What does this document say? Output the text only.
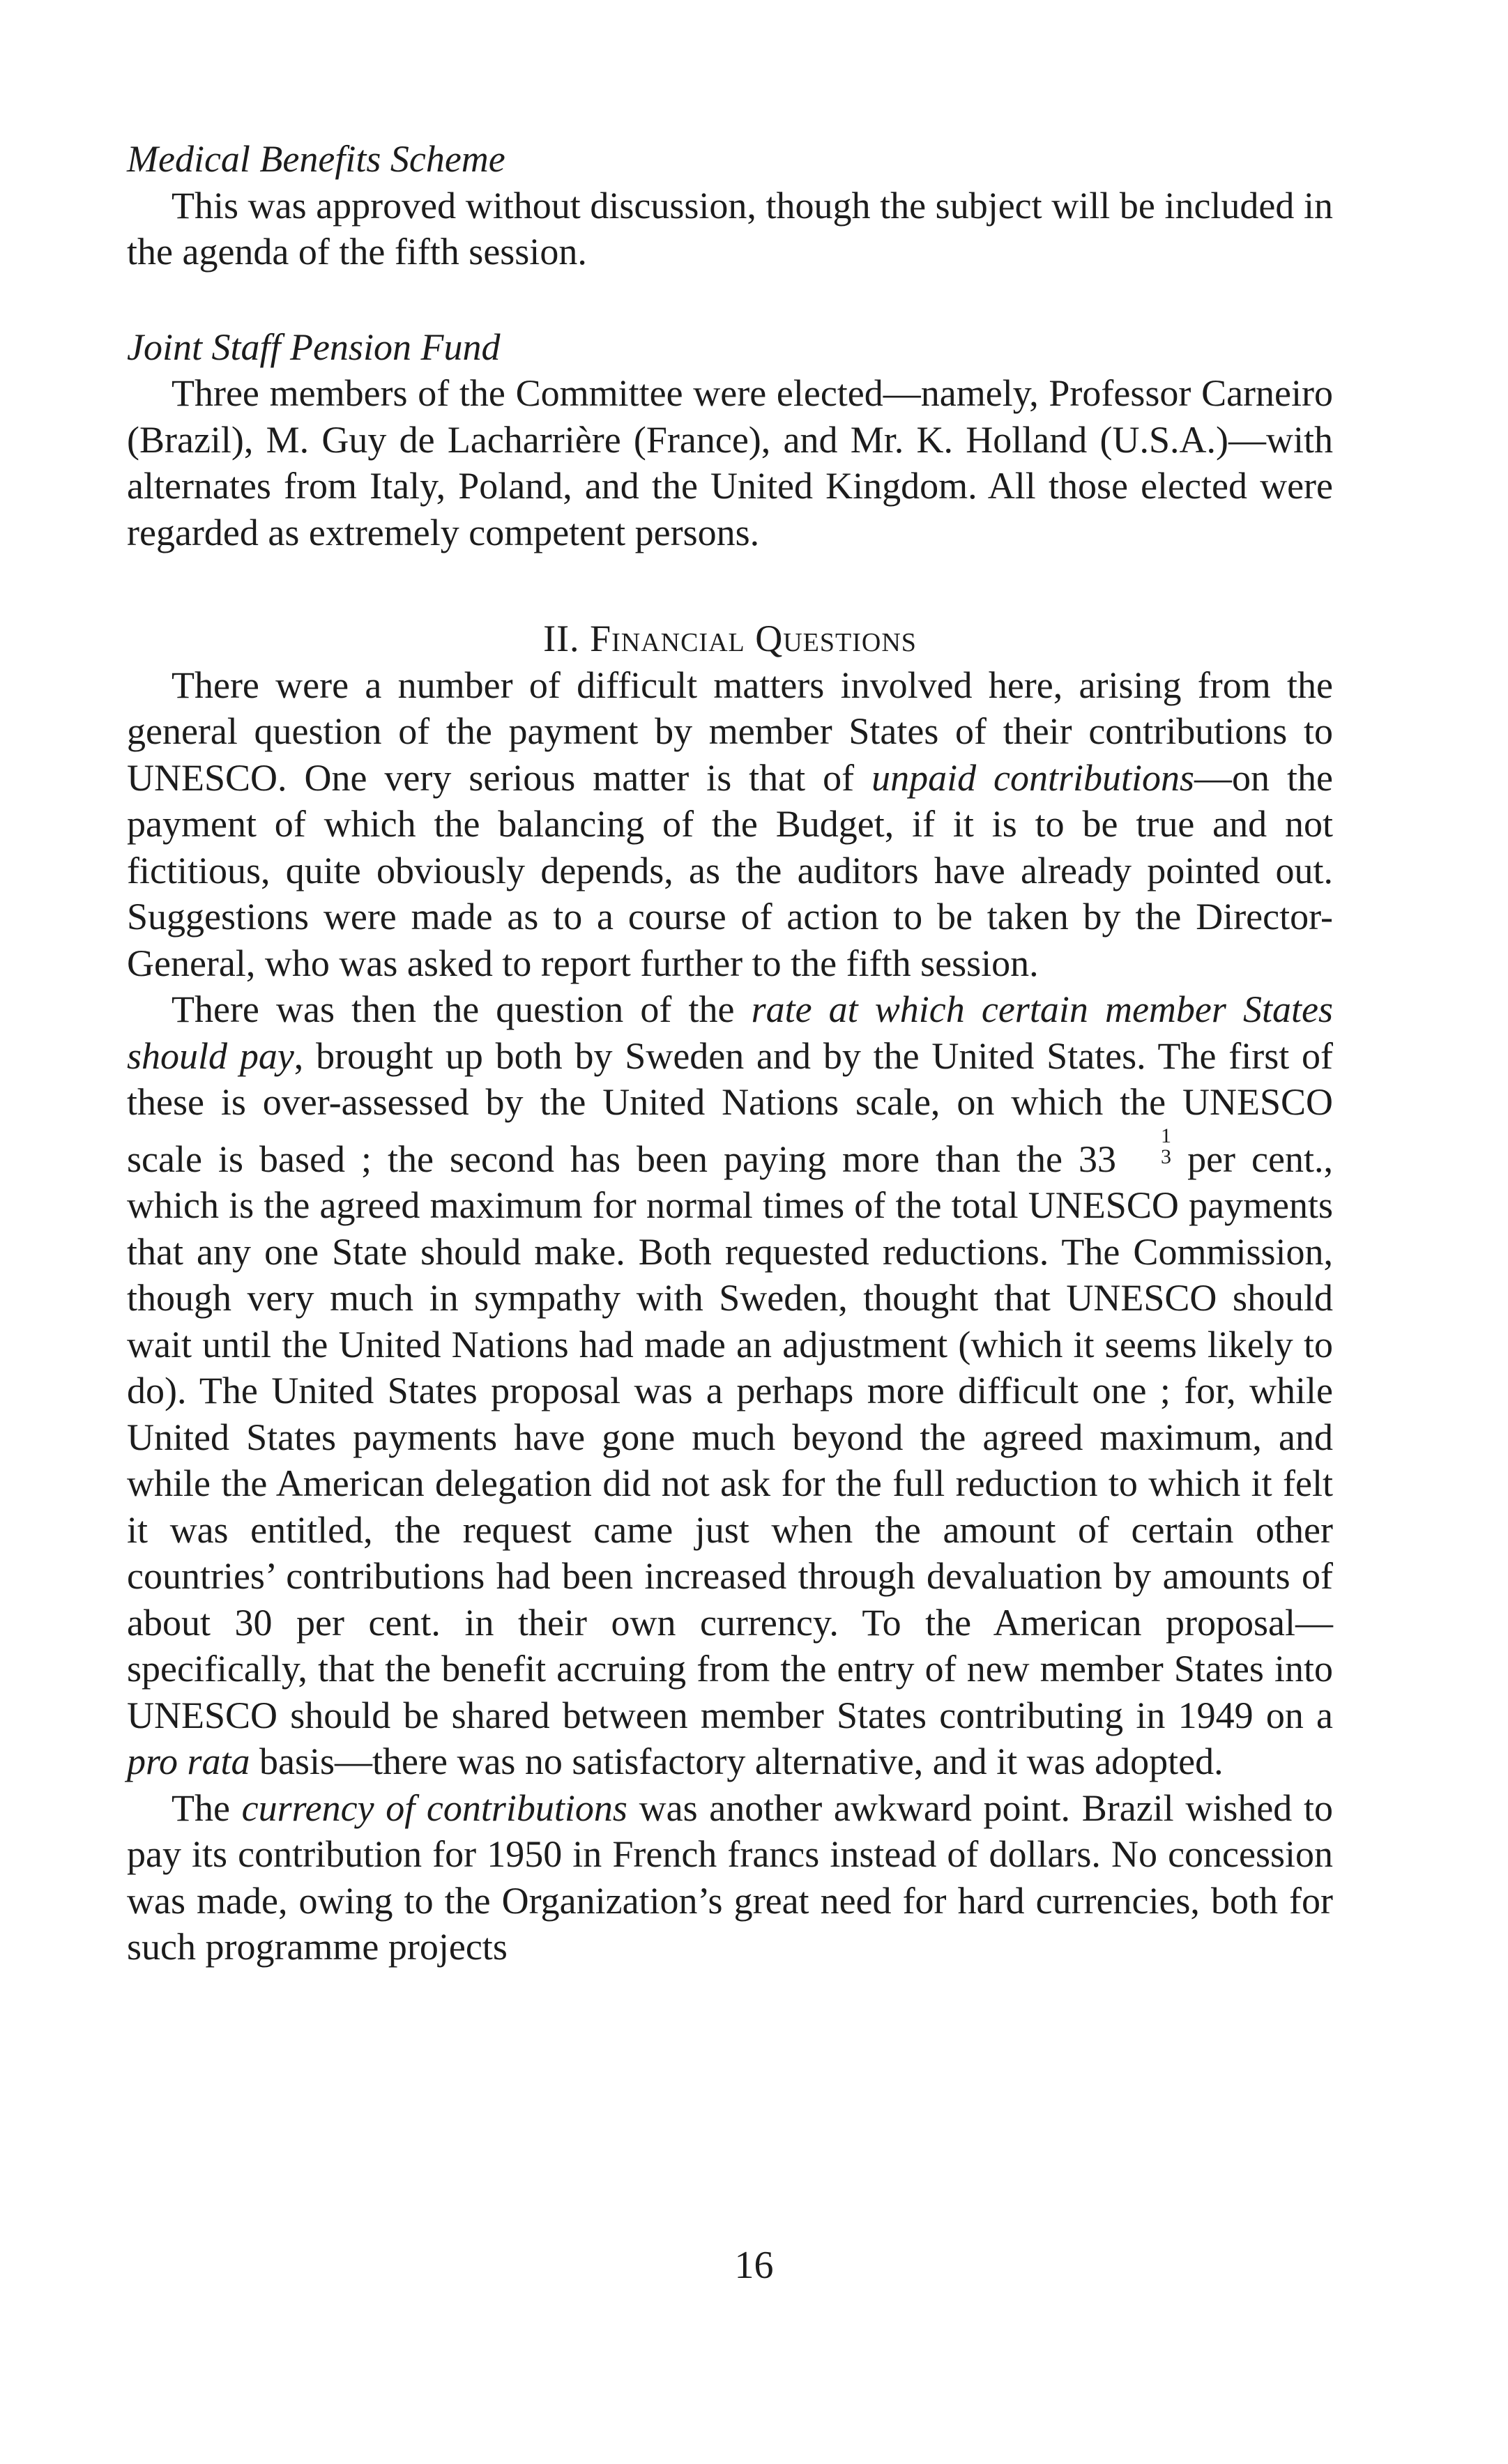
Medical Benefits Scheme

This was approved without discussion, though the subject will be included in the agenda of the fifth session.

Joint Staff Pension Fund

Three members of the Committee were elected—namely, Professor Carneiro (Brazil), M. Guy de Lacharrière (France), and Mr. K. Holland (U.S.A.)—with alternates from Italy, Poland, and the United Kingdom. All those elected were regarded as extremely competent persons.

II. Financial Questions

There were a number of difficult matters involved here, arising from the general question of the payment by member States of their contributions to UNESCO. One very serious matter is that of unpaid contributions—on the payment of which the balancing of the Budget, if it is to be true and not fictitious, quite obviously depends, as the auditors have already pointed out. Suggestions were made as to a course of action to be taken by the Director-General, who was asked to report further to the fifth session.

There was then the question of the rate at which certain member States should pay, brought up both by Sweden and by the United States. The first of these is over-assessed by the United Nations scale, on which the UNESCO scale is based ; the second has been paying more than the 33
1
3 per cent., which is the agreed maximum for normal times of the total UNESCO payments that any one State should make. Both requested reductions. The Commission, though very much in sympathy with Sweden, thought that UNESCO should wait until the United Nations had made an adjustment (which it seems likely to do). The United States proposal was a perhaps more difficult one ; for, while United States payments have gone much beyond the agreed maximum, and while the American delegation did not ask for the full reduction to which it felt it was entitled, the request came just when the amount of certain other countries’ contributions had been increased through devaluation by amounts of about 30 per cent. in their own currency. To the American proposal—specifically, that the benefit accruing from the entry of new member States into UNESCO should be shared between member States contributing in 1949 on a pro rata basis—there was no satisfactory alternative, and it was adopted.

The currency of contributions was another awkward point. Brazil wished to pay its contribution for 1950 in French francs instead of dollars. No concession was made, owing to the Organization’s great need for hard currencies, both for such programme projects

16
